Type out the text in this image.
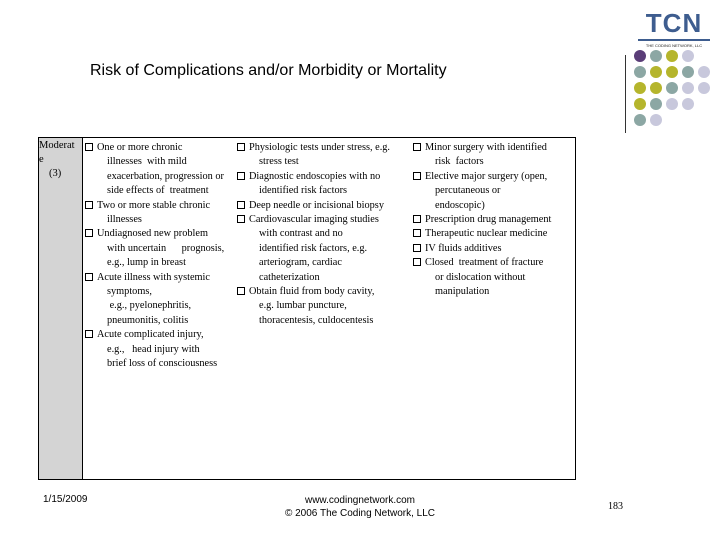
TCN
THE CODING NETWORK, LLC
Risk of Complications and/or Morbidity or Mortality
Moderat
e
(3)
One or more chronic
illnesses  with mild
exacerbation, progression or
side effects of  treatment
Two or more stable chronic
illnesses
Undiagnosed new problem
with uncertain      prognosis,
e.g., lump in breast
Acute illness with systemic
symptoms,
e.g., pyelonephritis,
pneumonitis, colitis
Acute complicated injury,
e.g.,   head injury with
brief loss of consciousness
Physiologic tests under stress, e.g.
stress test
Diagnostic endoscopies with no
identified risk factors
Deep needle or incisional biopsy
Cardiovascular imaging studies
with contrast and no
identified risk factors, e.g.
arteriogram, cardiac
catheterization
Obtain fluid from body cavity,
e.g. lumbar puncture,
thoracentesis, culdocentesis
Minor surgery with identified
risk  factors
Elective major surgery (open,
percutaneous or
endoscopic)
Prescription drug management
Therapeutic nuclear medicine
IV fluids additives
Closed  treatment of fracture
or dislocation without
manipulation
1/15/2009	www.codingnetwork.com
© 2006 The Coding Network, LLC
183
